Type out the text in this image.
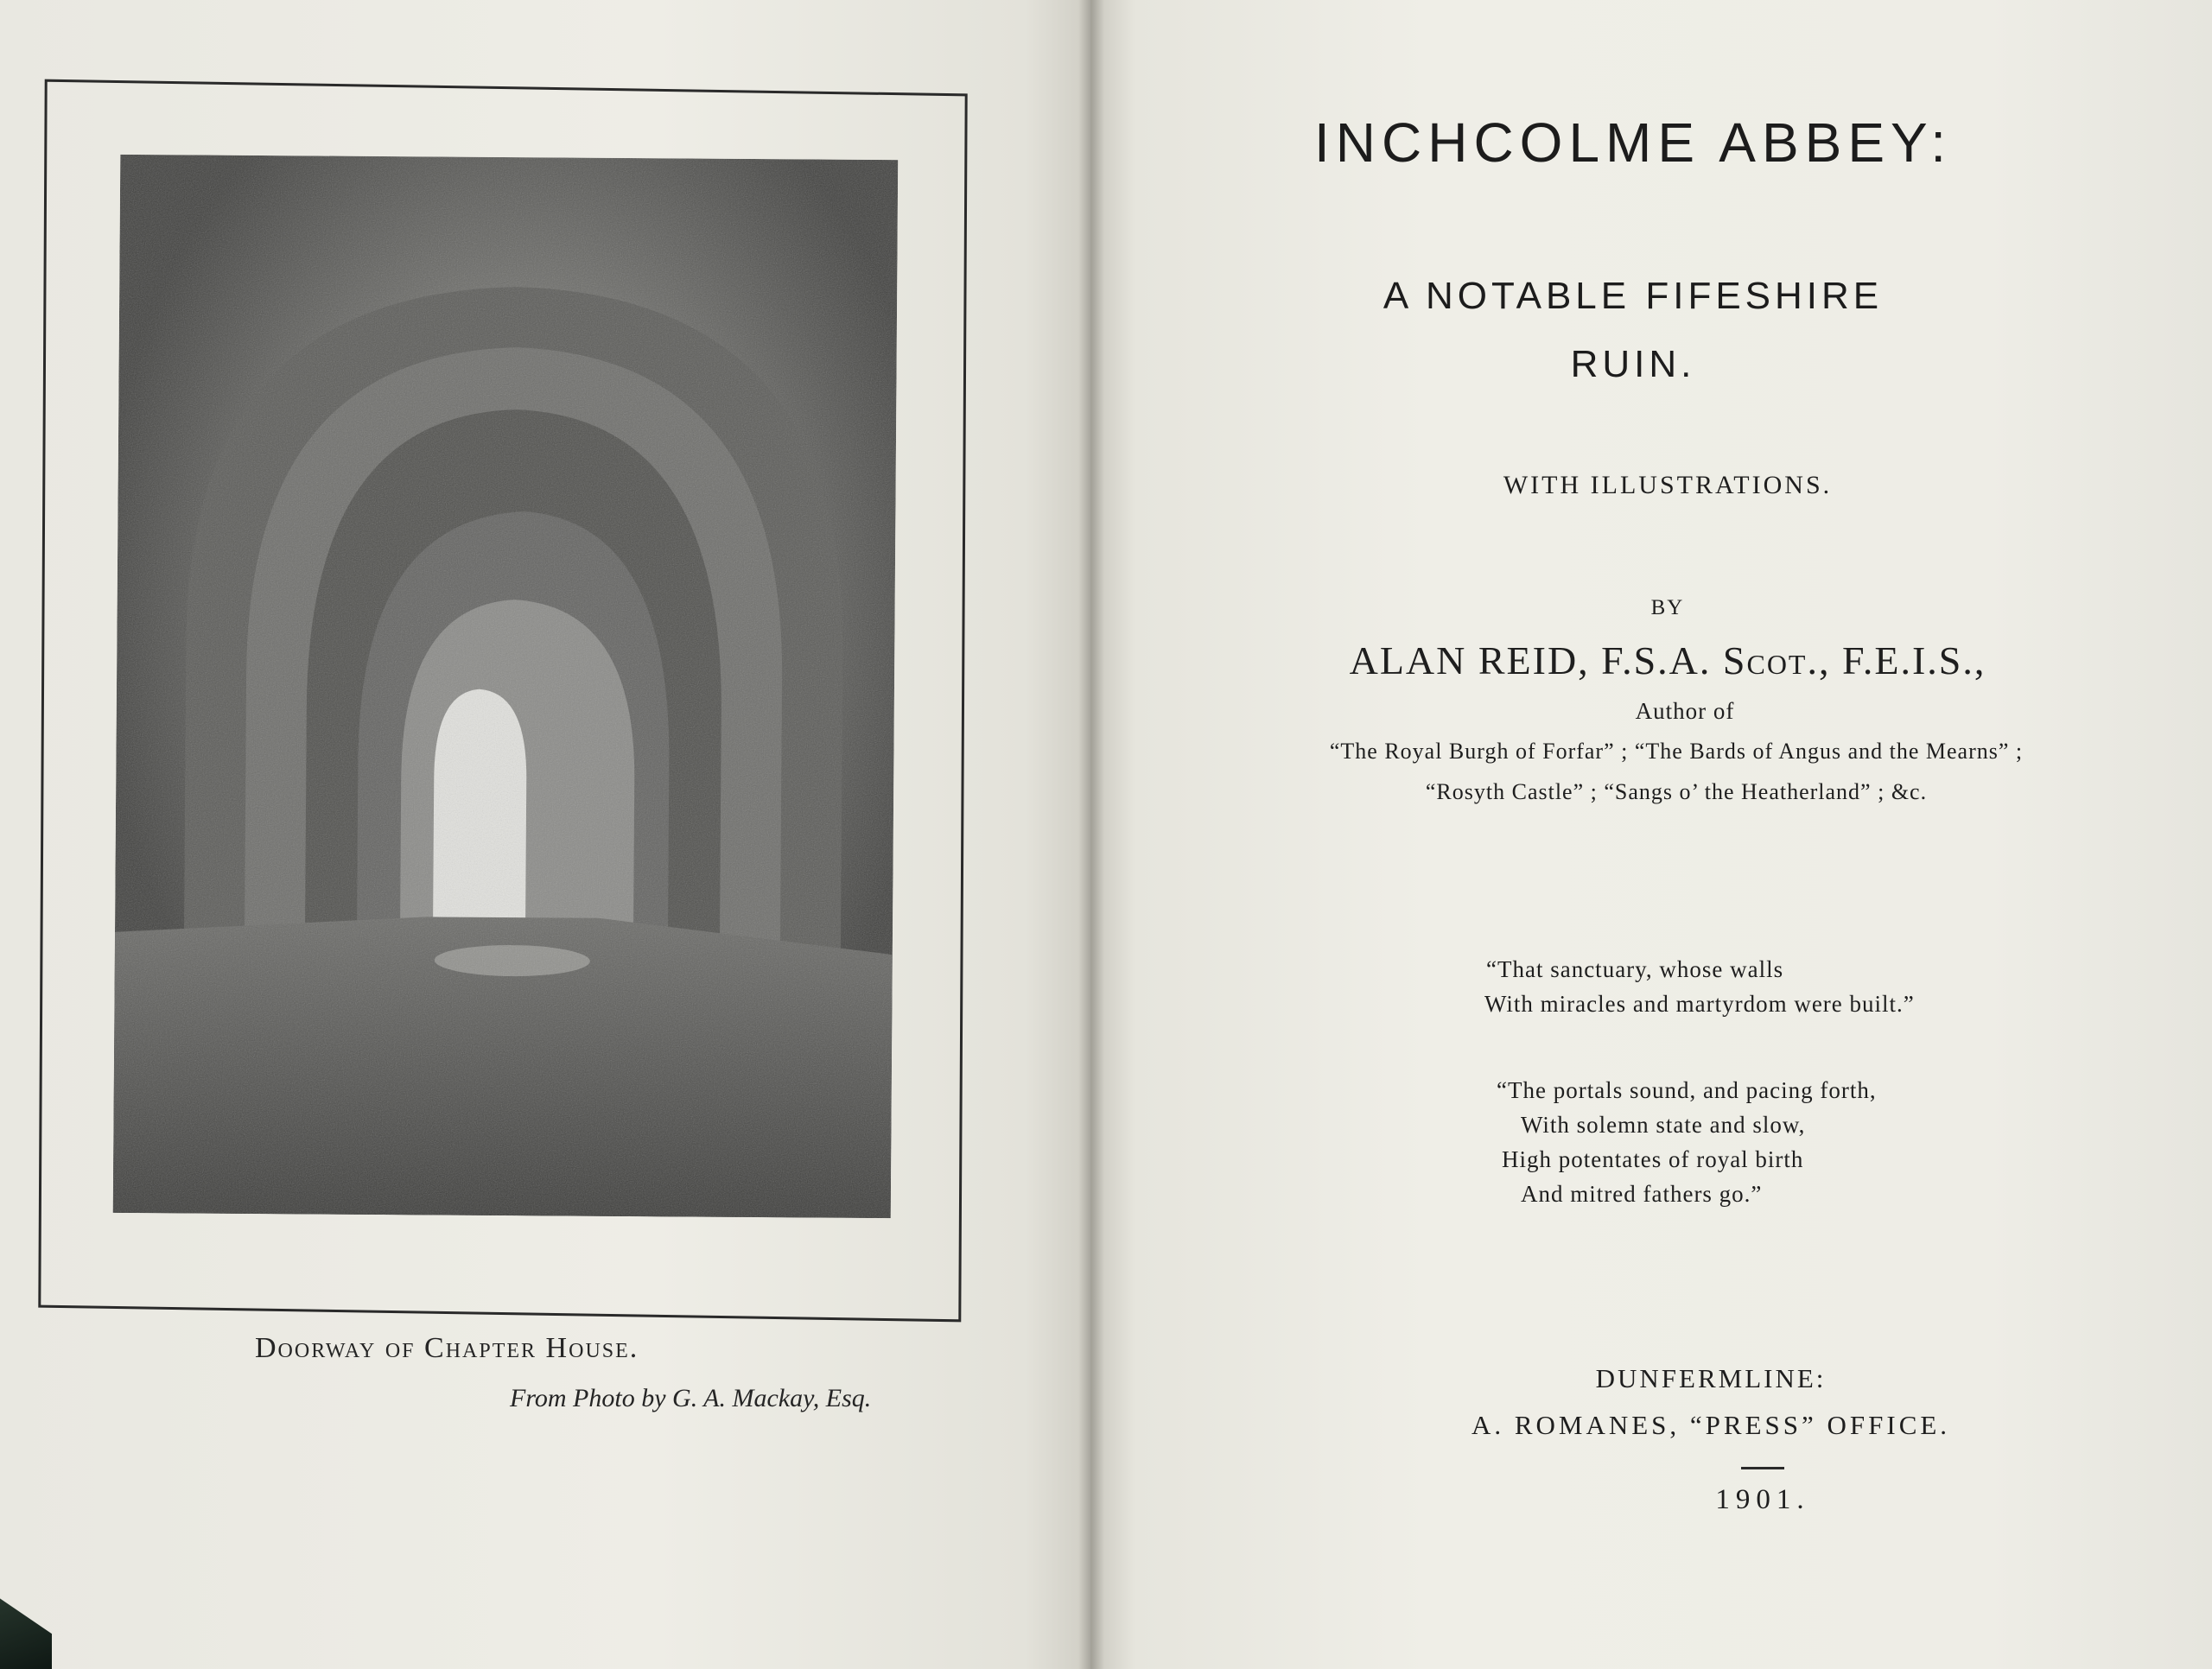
Doorway of Chapter House.
From Photo by G. A. Mackay, Esq.
INCHCOLME ABBEY:
A NOTABLE FIFESHIRE
RUIN.
WITH ILLUSTRATIONS.
BY
ALAN REID, F.S.A. Scot., F.E.I.S.,
Author of
“The Royal Burgh of Forfar” ; “The Bards of Angus and the Mearns” ;
“Rosyth Castle” ; “Sangs o’ the Heatherland” ; &c.
“That sanctuary, whose walls
With miracles and martyrdom were built.”
“The portals sound, and pacing forth,
With solemn state and slow,
High potentates of royal birth
And mitred fathers go.”
DUNFERMLINE:
A. ROMANES, “PRESS” OFFICE.
1901.
